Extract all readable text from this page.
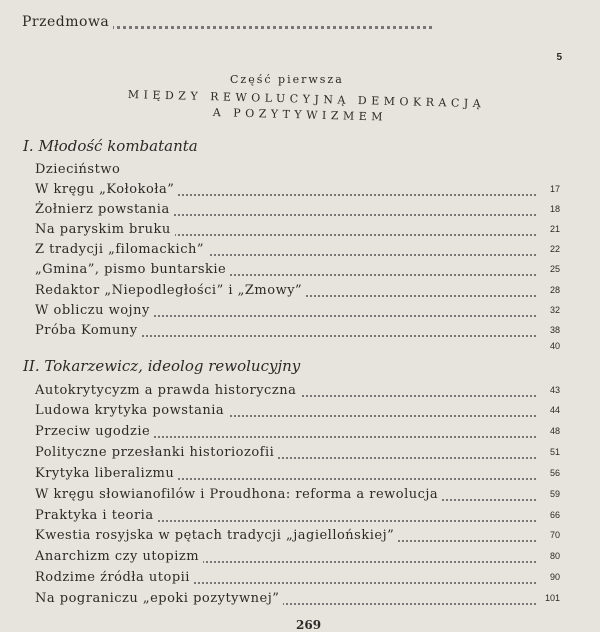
Przedmowa
5
Część pierwsza
MIĘDZY REWOLUCYJNĄ DEMOKRACJĄ
A POZYTYWIZMEM
I. Młodość kombatanta
Dzieciństwo
W kręgu „Kołokoła”	17
Żołnierz powstania	18
Na paryskim bruku	21
Z tradycji „filomackich”	22
„Gmina”, pismo buntarskie	25
Redaktor „Niepodległości” i „Zmowy”	28
W obliczu wojny	32
Próba Komuny	38
40
II. Tokarzewicz, ideolog rewolucyjny
Autokrytycyzm a prawda historyczna	43
Ludowa krytyka powstania	44
Przeciw ugodzie	48
Polityczne przesłanki historiozofii	51
Krytyka liberalizmu	56
W kręgu słowianofilów i Proudhona: reforma a rewolucja	59
Praktyka i teoria	66
Kwestia rosyjska w pętach tradycji „jagiellońskiej”	70
Anarchizm czy utopizm	80
Rodzime źródła utopii	90
Na pograniczu „epoki pozytywnej”	101
269
